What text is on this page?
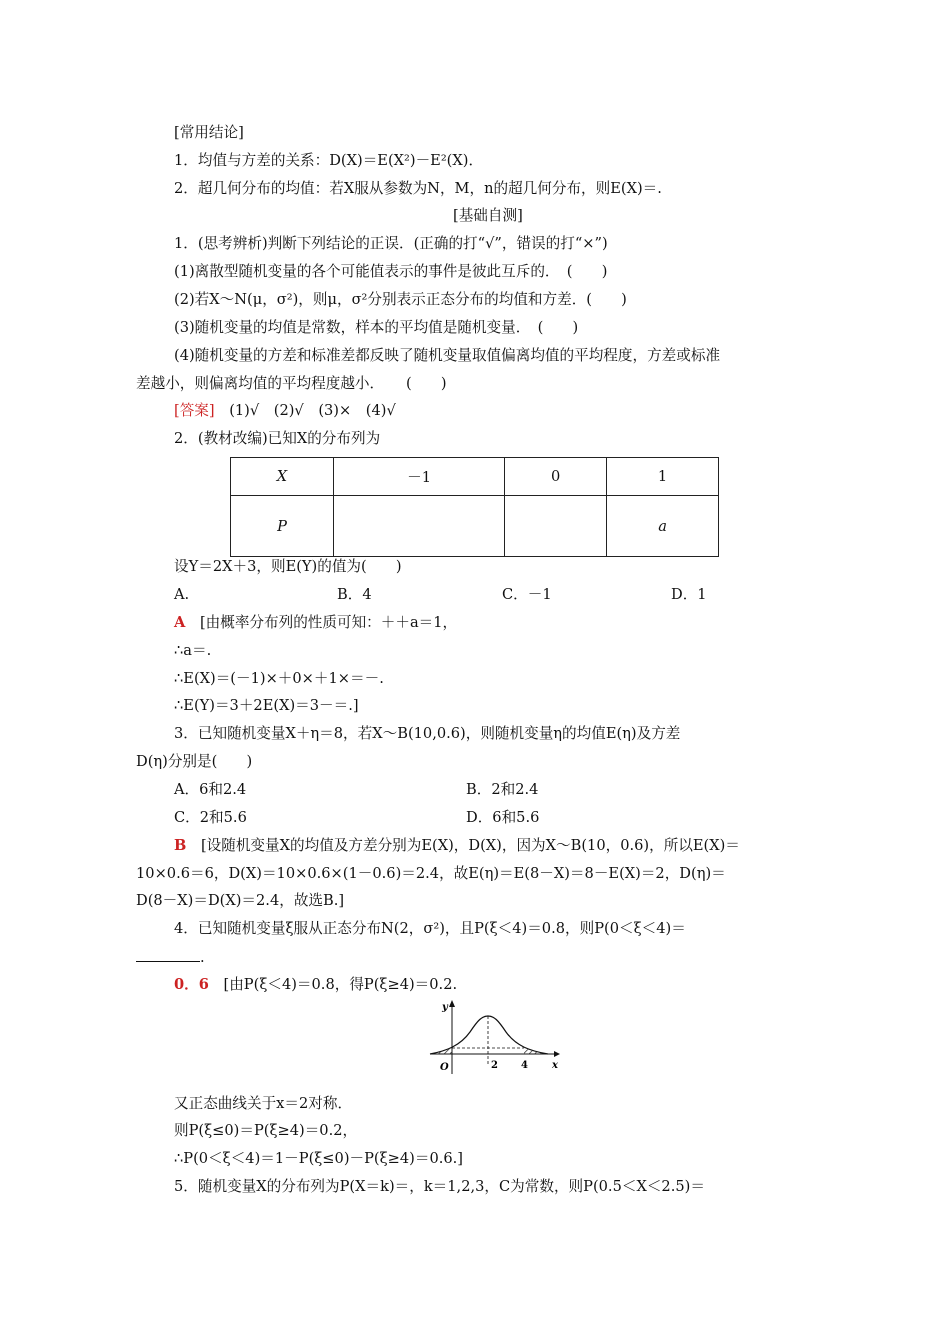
[常用结论]
1．均值与方差的关系：D(X)＝E(X²)－E²(X)．
2．超几何分布的均值：若X服从参数为N，M，n的超几何分布，则E(X)＝.
[基础自测]
1．(思考辨析)判断下列结论的正误．(正确的打“√”，错误的打“×”)
(1)离散型随机变量的各个可能值表示的事件是彼此互斥的．　(　　)
(2)若X～N(μ，σ²)，则μ，σ²分别表示正态分布的均值和方差．(　　)
(3)随机变量的均值是常数，样本的平均值是随机变量．　(　　)
(4)随机变量的方差和标准差都反映了随机变量取值偏离均值的平均程度，方差或标准
差越小，则偏离均值的平均程度越小．　　(　　)
[答案]　 (1)√　(2)√　(3)×　(4)√
2．(教材改编)已知X的分布列为
X	－1	0	1
P			a
设Y＝2X＋3，则E(Y)的值为(　　)
A.	B．4	C．－1	D．1
A　 [由概率分布列的性质可知：＋＋a＝1，
∴a＝.
∴E(X)＝(－1)×＋0×＋1×＝－.
∴E(Y)＝3＋2E(X)＝3－＝.]
3．已知随机变量X＋η＝8，若X～B(10,0.6)，则随机变量η的均值E(η)及方差
D(η)分别是(　　)
A．6和2.4	B．2和2.4
C．2和5.6	D．6和5.6
B　 [设随机变量X的均值及方差分别为E(X)，D(X)，因为X～B(10，0.6)，所以E(X)＝
10×0.6＝6，D(X)＝10×0.6×(1－0.6)＝2.4，故E(η)＝E(8－X)＝8－E(X)＝2，D(η)＝
D(8－X)＝D(X)＝2.4，故选B.]
4．已知随机变量ξ服从正态分布N(2，σ²)，且P(ξ＜4)＝0.8，则P(0＜ξ＜4)＝
.
0．6　 [由P(ξ＜4)＝0.8，得P(ξ≥4)＝0.2.
O
y
x
2 4
又正态曲线关于x＝2对称．
则P(ξ≤0)＝P(ξ≥4)＝0.2，
∴P(0＜ξ＜4)＝1－P(ξ≤0)－P(ξ≥4)＝0.6.]
5．随机变量X的分布列为P(X＝k)＝，k＝1,2,3，C为常数，则P(0.5＜X＜2.5)＝
